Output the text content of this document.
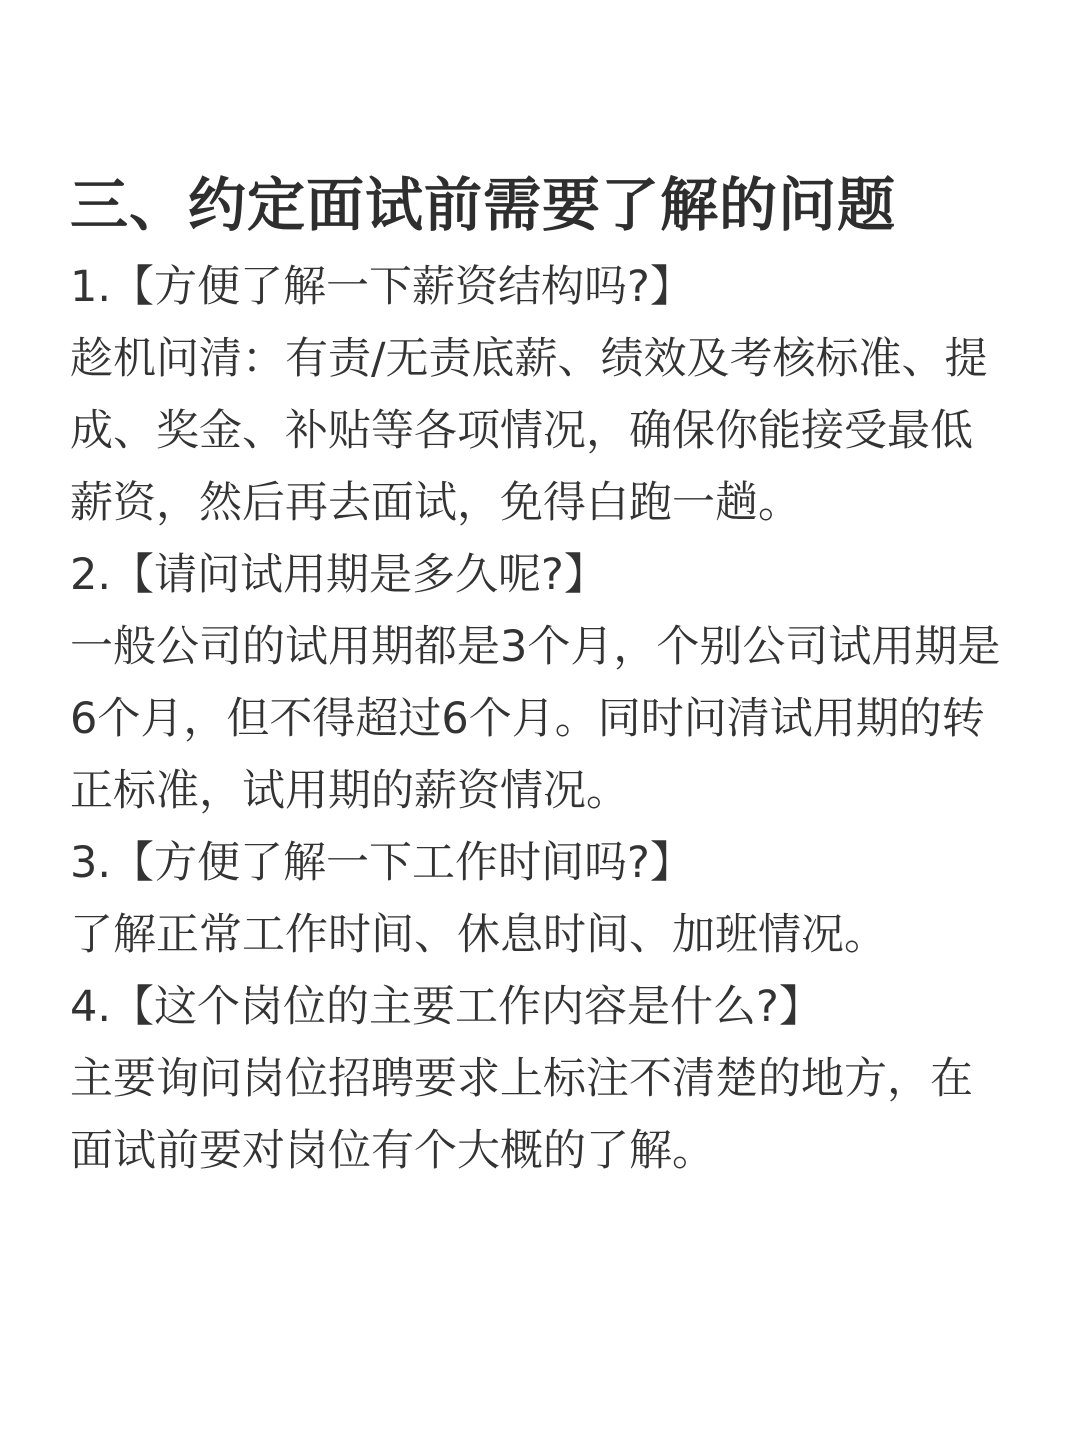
三、约定面试前需要了解的问题

1.【方便了解一下薪资结构吗?】

趁机问清：有责/无责底薪、绩效及考核标准、提成、奖金、补贴等各项情况，确保你能接受最低薪资，然后再去面试，免得白跑一趟。

2.【请问试用期是多久呢?】

一般公司的试用期都是3个月，个别公司试用期是6个月，但不得超过6个月。同时问清试用期的转正标准，试用期的薪资情况。

3.【方便了解一下工作时间吗?】

了解正常工作时间、休息时间、加班情况。

4.【这个岗位的主要工作内容是什么?】

主要询问岗位招聘要求上标注不清楚的地方，在面试前要对岗位有个大概的了解。
